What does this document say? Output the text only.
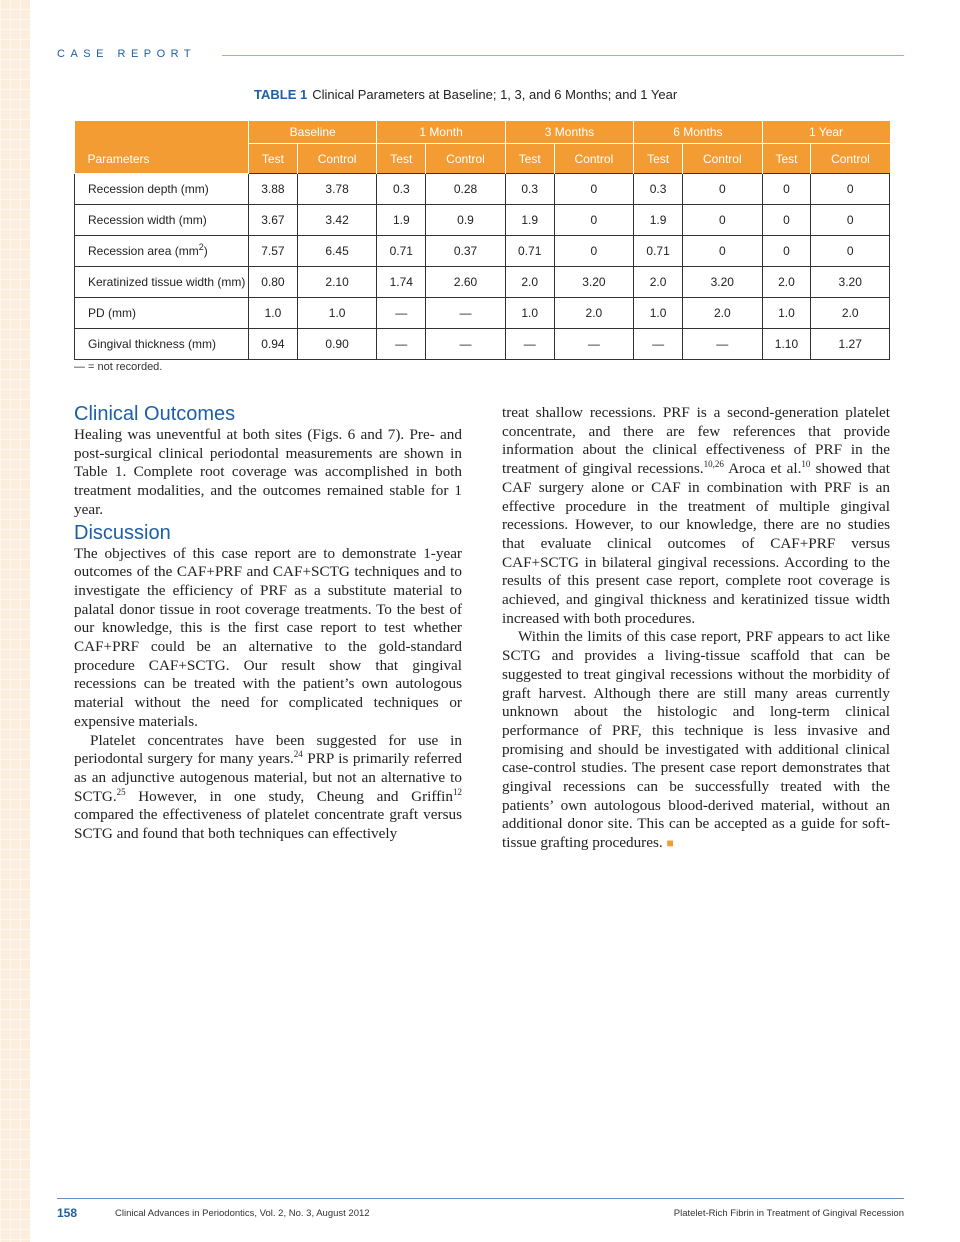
CASE REPORT
TABLE 1 Clinical Parameters at Baseline; 1, 3, and 6 Months; and 1 Year
Parameters	Baseline		1 Month		3 Months		6 Months		1 Year	
	Test	Control	Test	Control	Test	Control	Test	Control	Test	Control
Recession depth (mm)	3.88	3.78	0.3	0.28	0.3	0	0.3	0	0	0
Recession width (mm)	3.67	3.42	1.9	0.9	1.9	0	1.9	0	0	0
Recession area $(mm^2)$	7.57	6.45	0.71	0.37	0.71	0	0.71	0	0	0
Keratinized tissue width (mm)	0.80	2.10	1.74	2.60	2.0	3.20	2.0	3.20	2.0	3.20
PD (mm)	1.0	1.0	—	—	1.0	2.0	1.0	2.0	1.0	2.0
Gingival thickness (mm)	0.94	0.90	—	—	—	—	—	—	1.10	1.27
— = not recorded.
Clinical Outcomes

Healing was uneventful at both sites (Figs. 6 and 7). Pre- and post-surgical clinical periodontal measurements are shown in Table 1. Complete root coverage was accomplished in both treatment modalities, and the outcomes remained stable for 1 year.

Discussion

The objectives of this case report are to demonstrate 1-year outcomes of the CAF+PRF and CAF+SCTG techniques and to investigate the efficiency of PRF as a substitute material to palatal donor tissue in root coverage treatments. To the best of our knowledge, this is the first case report to test whether CAF+PRF could be an alternative to the gold-standard procedure CAF+SCTG. Our result show that gingival recessions can be treated with the patient’s own autologous material without the need for complicated techniques or expensive materials.

Platelet concentrates have been suggested for use in periodontal surgery for many years.$^{24}$ PRP is primarily referred as an adjunctive autogenous material, but not an alternative to SCTG.$^{25}$ However, in one study, Cheung and Griffin$^{12}$ compared the effectiveness of platelet concentrate graft versus SCTG and found that both techniques can effectively

treat shallow recessions. PRF is a second-generation platelet concentrate, and there are few references that provide information about the clinical effectiveness of PRF in the treatment of gingival recessions.$^{10,26}$ Aroca et al.$^{10}$ showed that CAF surgery alone or CAF in combination with PRF is an effective procedure in the treatment of multiple gingival recessions. However, to our knowledge, there are no studies that evaluate clinical outcomes of CAF+PRF versus CAF+SCTG in bilateral gingival recessions. According to the results of this present case report, complete root coverage is achieved, and gingival thickness and keratinized tissue width increased with both procedures.

Within the limits of this case report, PRF appears to act like SCTG and provides a living-tissue scaffold that can be suggested to treat gingival recessions without the morbidity of graft harvest. Although there are still many areas currently unknown about the histologic and long-term clinical performance of PRF, this technique is less invasive and promising and should be investigated with additional clinical case-control studies. The present case report demonstrates that gingival recessions can be successfully treated with the patients’ own autologous blood-derived material, without an additional donor site. This can be accepted as a guide for soft-tissue grafting procedures. ■

158	Clinical Advances in Periodontics, Vol. 2, No. 3, August 2012	Platelet-Rich Fibrin in Treatment of Gingival Recession
